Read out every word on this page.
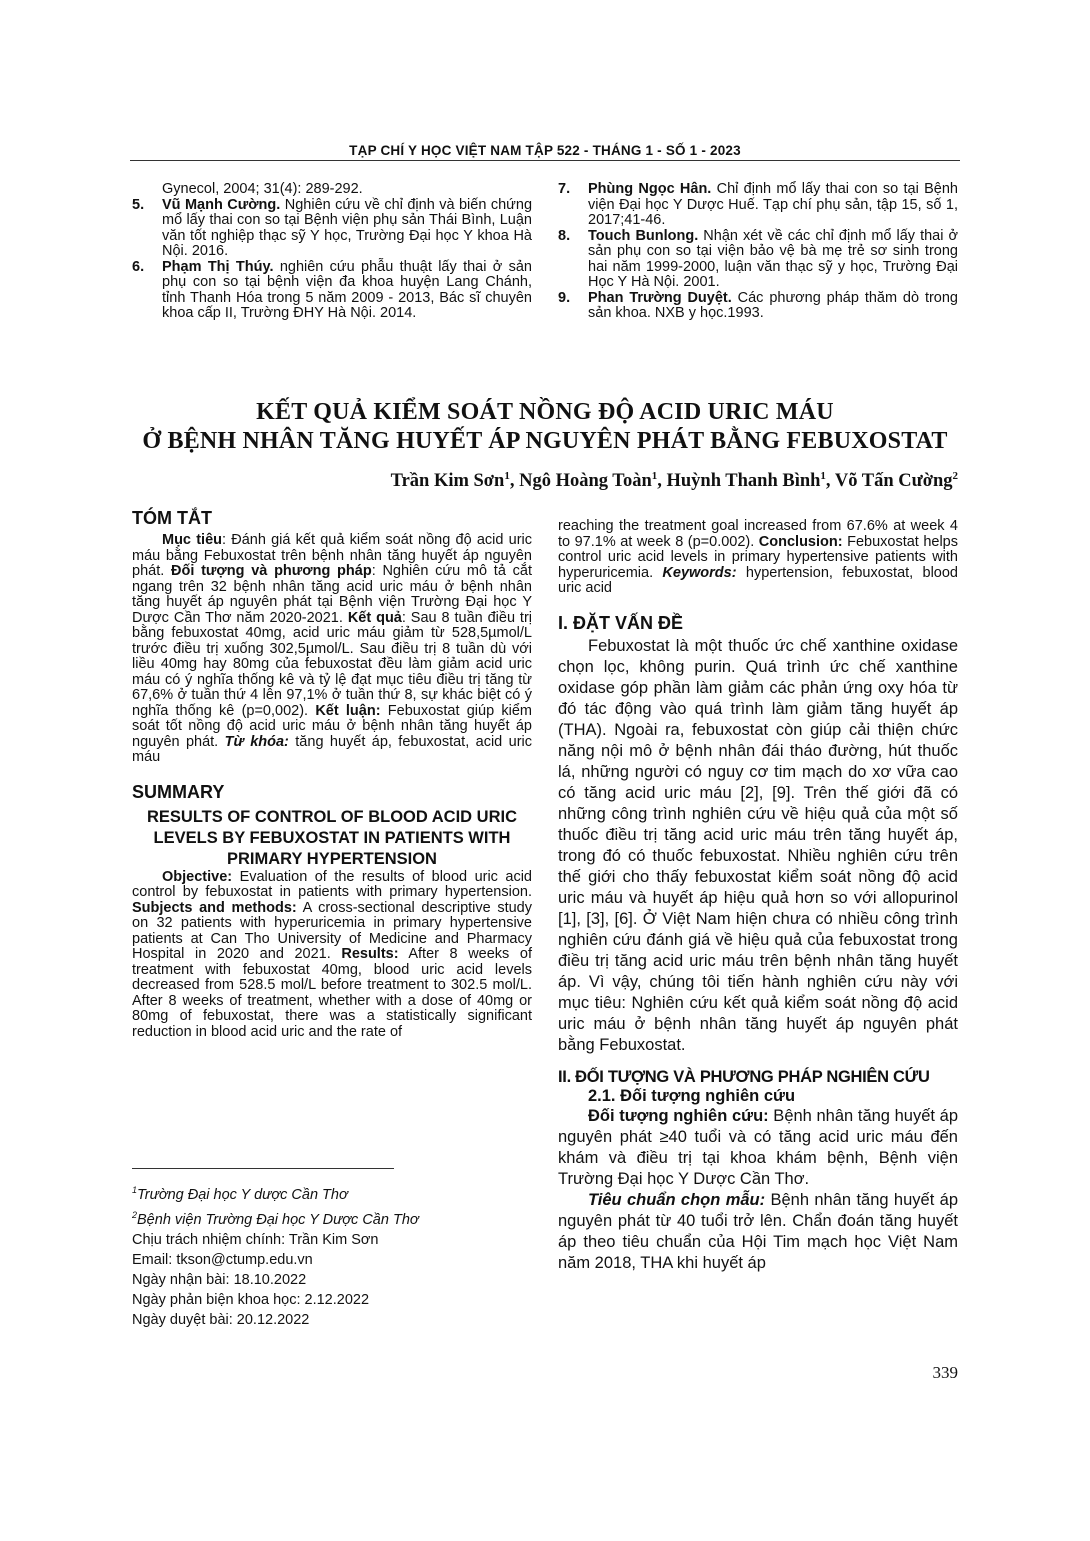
TẠP CHÍ Y HỌC VIỆT NAM TẬP 522 - THÁNG 1 - SỐ 1 - 2023
Gynecol, 2004; 31(4): 289-292.
5. Vũ Mạnh Cường. Nghiên cứu về chỉ định và biến chứng mổ lấy thai con so tại Bệnh viện phụ sản Thái Bình, Luận văn tốt nghiệp thạc sỹ Y học, Trường Đại học Y khoa Hà Nội. 2016.
6. Phạm Thị Thúy. nghiên cứu phẫu thuật lấy thai ở sản phụ con so tại bệnh viện đa khoa huyện Lang Chánh, tỉnh Thanh Hóa trong 5 năm 2009 - 2013, Bác sĩ chuyên khoa cấp II, Trường ĐHY Hà Nội. 2014.
7. Phùng Ngọc Hân. Chỉ định mổ lấy thai con so tại Bệnh viện Đại học Y Dược Huế. Tạp chí phụ sản, tập 15, số 1, 2017;41-46.
8. Touch Bunlong. Nhận xét về các chỉ định mổ lấy thai ở sản phụ con so tại viện bảo vệ bà mẹ trẻ sơ sinh trong hai năm 1999-2000, luận văn thạc sỹ y học, Trường Đại Học Y Hà Nội. 2001.
9. Phan Trường Duyệt. Các phương pháp thăm dò trong sản khoa. NXB y học.1993.
KẾT QUẢ KIỂM SOÁT NỒNG ĐỘ ACID URIC MÁU
Ở BỆNH NHÂN TĂNG HUYẾT ÁP NGUYÊN PHÁT BẰNG FEBUXOSTAT
Trần Kim Sơn$^1$, Ngô Hoàng Toàn$^1$, Huỳnh Thanh Bình$^1$, Võ Tấn Cường$^2$
TÓM TẮT

Mục tiêu: Đánh giá kết quả kiểm soát nồng độ acid uric máu bằng Febuxostat trên bệnh nhân tăng huyết áp nguyên phát. Đối tượng và phương pháp: Nghiên cứu mô tả cắt ngang trên 32 bệnh nhân tăng acid uric máu ở bệnh nhân tăng huyết áp nguyên phát tại Bệnh viện Trường Đại học Y Dược Cần Thơ năm 2020-2021. Kết quả: Sau 8 tuần điều trị bằng febuxostat 40mg, acid uric máu giảm từ 528,5µmol/L trước điều trị xuống 302,5µmol/L. Sau điều trị 8 tuần dù với liều 40mg hay 80mg của febuxostat đều làm giảm acid uric máu có ý nghĩa thống kê và tỷ lệ đạt mục tiêu điều trị tăng từ 67,6% ở tuần thứ 4 lên 97,1% ở tuần thứ 8, sự khác biệt có ý nghĩa thống kê (p=0,002). Kết luận: Febuxostat giúp kiểm soát tốt nồng độ acid uric máu ở bệnh nhân tăng huyết áp nguyên phát. Từ khóa: tăng huyết áp, febuxostat, acid uric máu

SUMMARY
RESULTS OF CONTROL OF BLOOD ACID URIC LEVELS BY FEBUXOSTAT IN PATIENTS WITH PRIMARY HYPERTENSION

Objective: Evaluation of the results of blood uric acid control by febuxostat in patients with primary hypertension. Subjects and methods: A cross-sectional descriptive study on 32 patients with hyperuricemia in primary hypertensive patients at Can Tho University of Medicine and Pharmacy Hospital in 2020 and 2021. Results: After 8 weeks of treatment with febuxostat 40mg, blood uric acid levels decreased from 528.5 mol/L before treatment to 302.5 mol/L. After 8 weeks of treatment, whether with a dose of 40mg or 80mg of febuxostat, there was a statistically significant reduction in blood acid uric and the rate of

$^1$Trường Đại học Y dược Cần Thơ
$^2$Bệnh viện Trường Đại học Y Dược Cần Thơ
Chịu trách nhiệm chính: Trần Kim Sơn
Email: tkson@ctump.edu.vn
Ngày nhận bài: 18.10.2022
Ngày phản biện khoa học: 2.12.2022
Ngày duyệt bài: 20.12.2022

reaching the treatment goal increased from 67.6% at week 4 to 97.1% at week 8 (p=0.002). Conclusion: Febuxostat helps control uric acid levels in primary hypertensive patients with hyperuricemia. Keywords: hypertension, febuxostat, blood uric acid

I. ĐẶT VẤN ĐỀ

Febuxostat là một thuốc ức chế xanthine oxidase chọn lọc, không purin. Quá trình ức chế xanthine oxidase góp phần làm giảm các phản ứng oxy hóa từ đó tác động vào quá trình làm giảm tăng huyết áp (THA). Ngoài ra, febuxostat còn giúp cải thiện chức năng nội mô ở bệnh nhân đái tháo đường, hút thuốc lá, những người có nguy cơ tim mạch do xơ vữa cao có tăng acid uric máu [2], [9]. Trên thế giới đã có những công trình nghiên cứu về hiệu quả của một số thuốc điều trị tăng acid uric máu trên tăng huyết áp, trong đó có thuốc febuxostat. Nhiều nghiên cứu trên thế giới cho thấy febuxostat kiểm soát nồng độ acid uric máu và huyết áp hiệu quả hơn so với allopurinol [1], [3], [6]. Ở Việt Nam hiện chưa có nhiều công trình nghiên cứu đánh giá về hiệu quả của febuxostat trong điều trị tăng acid uric máu trên bệnh nhân tăng huyết áp. Vì vậy, chúng tôi tiến hành nghiên cứu này với mục tiêu: Nghiên cứu kết quả kiểm soát nồng độ acid uric máu ở bệnh nhân tăng huyết áp nguyên phát bằng Febuxostat.

II. ĐỐI TƯỢNG VÀ PHƯƠNG PHÁP NGHIÊN CỨU
2.1. Đối tượng nghiên cứu

Đối tượng nghiên cứu: Bệnh nhân tăng huyết áp nguyên phát ≥40 tuổi và có tăng acid uric máu đến khám và điều trị tại khoa khám bệnh, Bệnh viện Trường Đại học Y Dược Cần Thơ.

Tiêu chuẩn chọn mẫu: Bệnh nhân tăng huyết áp nguyên phát từ 40 tuổi trở lên. Chẩn đoán tăng huyết áp theo tiêu chuẩn của Hội Tim mạch học Việt Nam năm 2018, THA khi huyết áp

339
